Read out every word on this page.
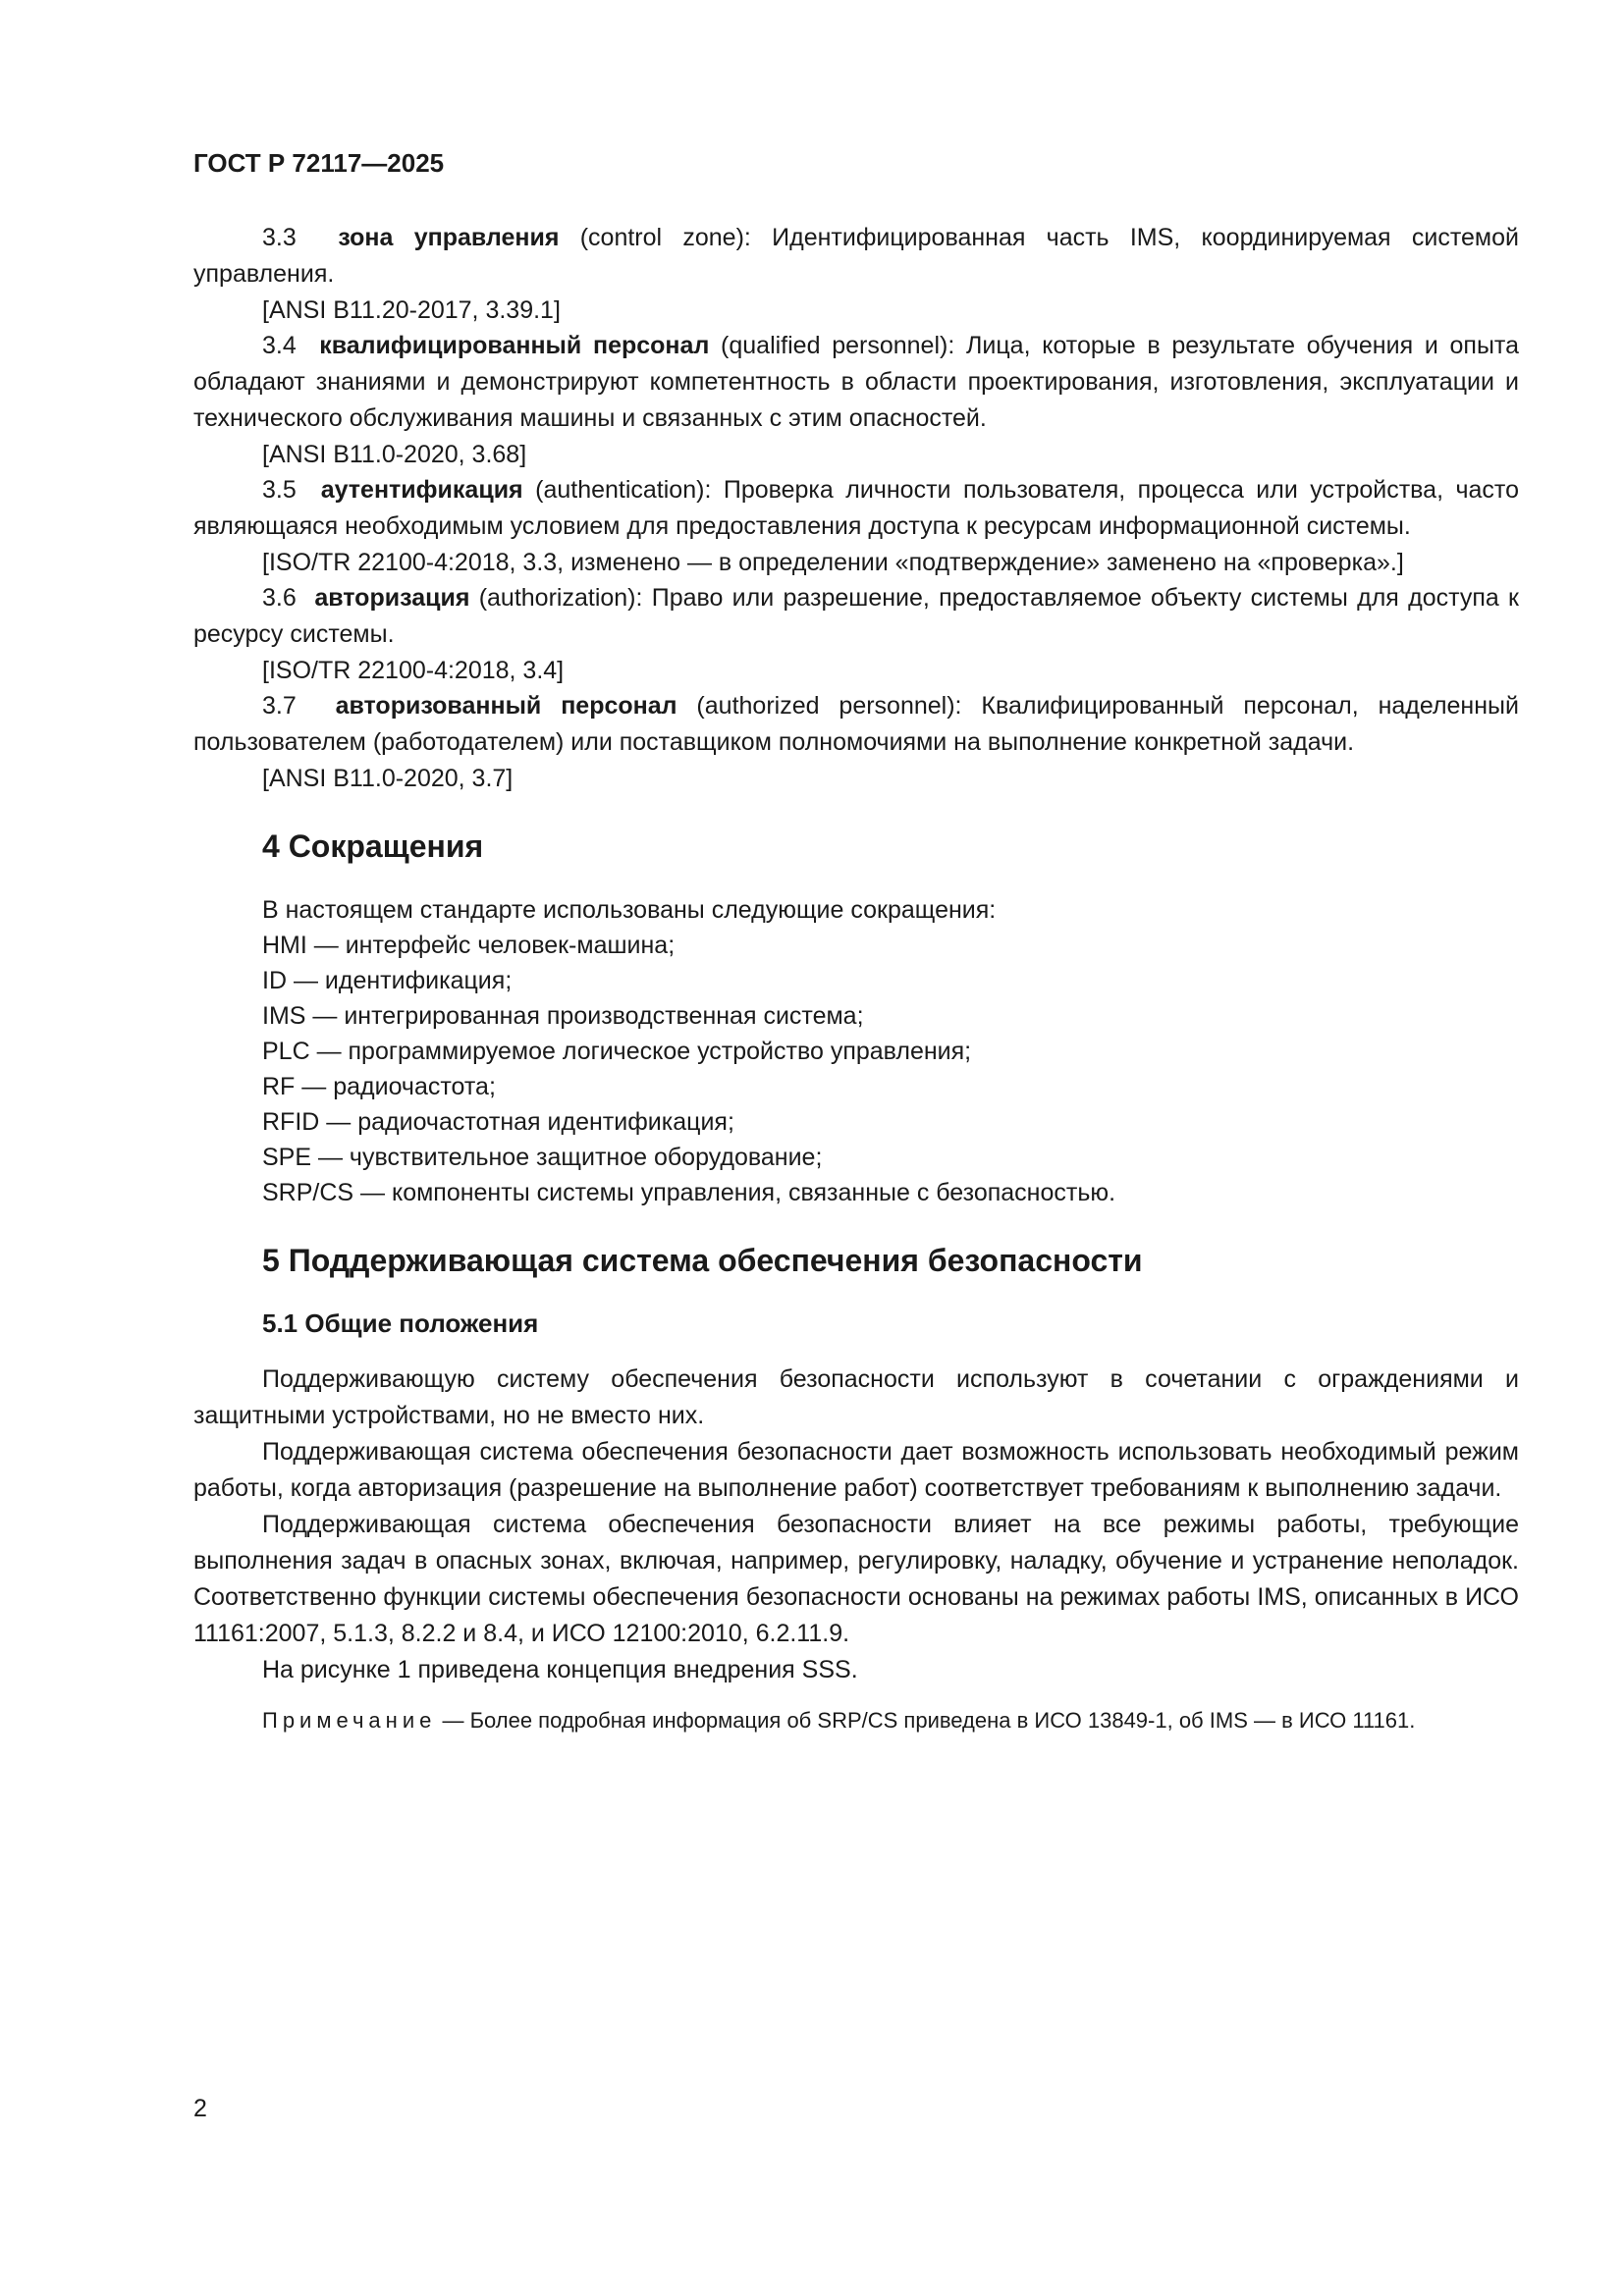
ГОСТ Р 72117—2025

3.3 зона управления (control zone): Идентифицированная часть IMS, координируемая системой управления.

[ANSI B11.20-2017, 3.39.1]

3.4 квалифицированный персонал (qualified personnel): Лица, которые в результате обучения и опыта обладают знаниями и демонстрируют компетентность в области проектирования, изготовления, эксплуатации и технического обслуживания машины и связанных с этим опасностей.

[ANSI B11.0-2020, 3.68]

3.5 аутентификация (authentication): Проверка личности пользователя, процесса или устройства, часто являющаяся необходимым условием для предоставления доступа к ресурсам информационной системы.

[ISO/TR 22100-4:2018, 3.3, изменено — в определении «подтверждение» заменено на «проверка».]

3.6 авторизация (authorization): Право или разрешение, предоставляемое объекту системы для доступа к ресурсу системы.

[ISO/TR 22100-4:2018, 3.4]

3.7 авторизованный персонал (authorized personnel): Квалифицированный персонал, наделенный пользователем (работодателем) или поставщиком полномочиями на выполнение конкретной задачи.

[ANSI B11.0-2020, 3.7]

4 Сокращения

В настоящем стандарте использованы следующие сокращения:

HMI — интерфейс человек-машина;

ID — идентификация;

IMS — интегрированная производственная система;

PLC — программируемое логическое устройство управления;

RF — радиочастота;

RFID — радиочастотная идентификация;

SPE — чувствительное защитное оборудование;

SRP/CS — компоненты системы управления, связанные с безопасностью.

5 Поддерживающая система обеспечения безопасности
5.1 Общие положения

Поддерживающую систему обеспечения безопасности используют в сочетании с ограждениями и защитными устройствами, но не вместо них.

Поддерживающая система обеспечения безопасности дает возможность использовать необходимый режим работы, когда авторизация (разрешение на выполнение работ) соответствует требованиям к выполнению задачи.

Поддерживающая система обеспечения безопасности влияет на все режимы работы, требующие выполнения задач в опасных зонах, включая, например, регулировку, наладку, обучение и устранение неполадок. Соответственно функции системы обеспечения безопасности основаны на режимах работы IMS, описанных в ИСО 11161:2007, 5.1.3, 8.2.2 и 8.4, и ИСО 12100:2010, 6.2.11.9.

На рисунке 1 приведена концепция внедрения SSS.

Примечание — Более подробная информация об SRP/CS приведена в ИСО 13849-1, об IMS — в ИСО 11161.

2
